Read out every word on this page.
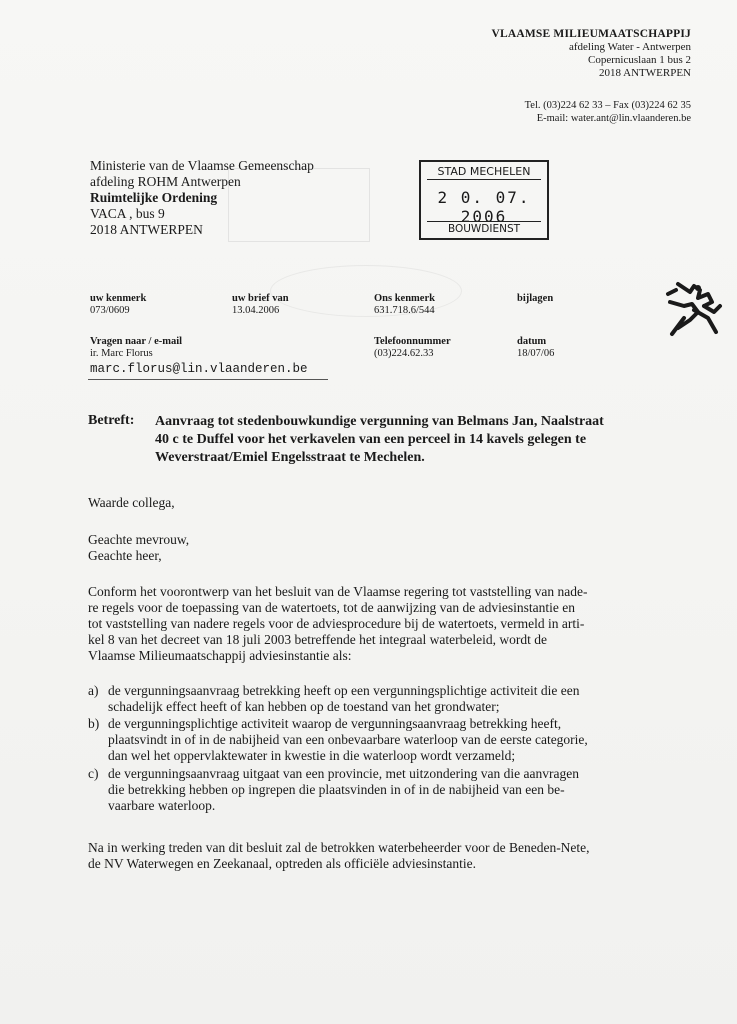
VLAAMSE MILIEUMAATSCHAPPIJ
afdeling Water - Antwerpen
Copernicuslaan 1 bus 2
2018 ANTWERPEN
Tel. (03)224 62 33 – Fax (03)224 62 35
E-mail: water.ant@lin.vlaanderen.be
Ministerie van de Vlaamse Gemeenschap
afdeling ROHM Antwerpen
Ruimtelijke Ordening
VACA , bus 9
2018 ANTWERPEN
STAD MECHELEN
2 0. 07. 2006
BOUWDIENST
uw kenmerk
073/0609
uw brief van
13.04.2006
Ons kenmerk
631.718.6/544
bijlagen
Vragen naar / e-mail
ir. Marc Florus
Telefoonnummer
(03)224.62.33
datum
18/07/06
marc.florus@lin.vlaanderen.be
Betreft: Aanvraag tot stedenbouwkundige vergunning van Belmans Jan, Naalstraat
40 c te Duffel voor het verkavelen van een perceel in 14 kavels gelegen te
Weverstraat/Emiel Engelsstraat te Mechelen.
Waarde collega,
Geachte mevrouw,
Geachte heer,
Conform het voorontwerp van het besluit van de Vlaamse regering tot vaststelling van nade-
re regels voor de toepassing van de watertoets, tot de aanwijzing van de adviesinstantie en
tot vaststelling van nadere regels voor de adviesprocedure bij de watertoets, vermeld in arti-
kel 8 van het decreet van 18 juli 2003 betreffende het integraal waterbeleid, wordt de
Vlaamse Milieumaatschappij adviesinstantie als:
a) de vergunningsaanvraag betrekking heeft op een vergunningsplichtige activiteit die een
schadelijk effect heeft of kan hebben op de toestand van het grondwater;
b) de vergunningsplichtige activiteit waarop de vergunningsaanvraag betrekking heeft,
plaatsvindt in of in de nabijheid van een onbevaarbare waterloop van de eerste categorie,
dan wel het oppervlaktewater in kwestie in die waterloop wordt verzameld;
c) de vergunningsaanvraag uitgaat van een provincie, met uitzondering van die aanvragen
die betrekking hebben op ingrepen die plaatsvinden in of in de nabijheid van een be-
vaarbare waterloop.
Na in werking treden van dit besluit zal de betrokken waterbeheerder voor de Beneden-Nete,
de NV Waterwegen en Zeekanaal, optreden als officiële adviesinstantie.
